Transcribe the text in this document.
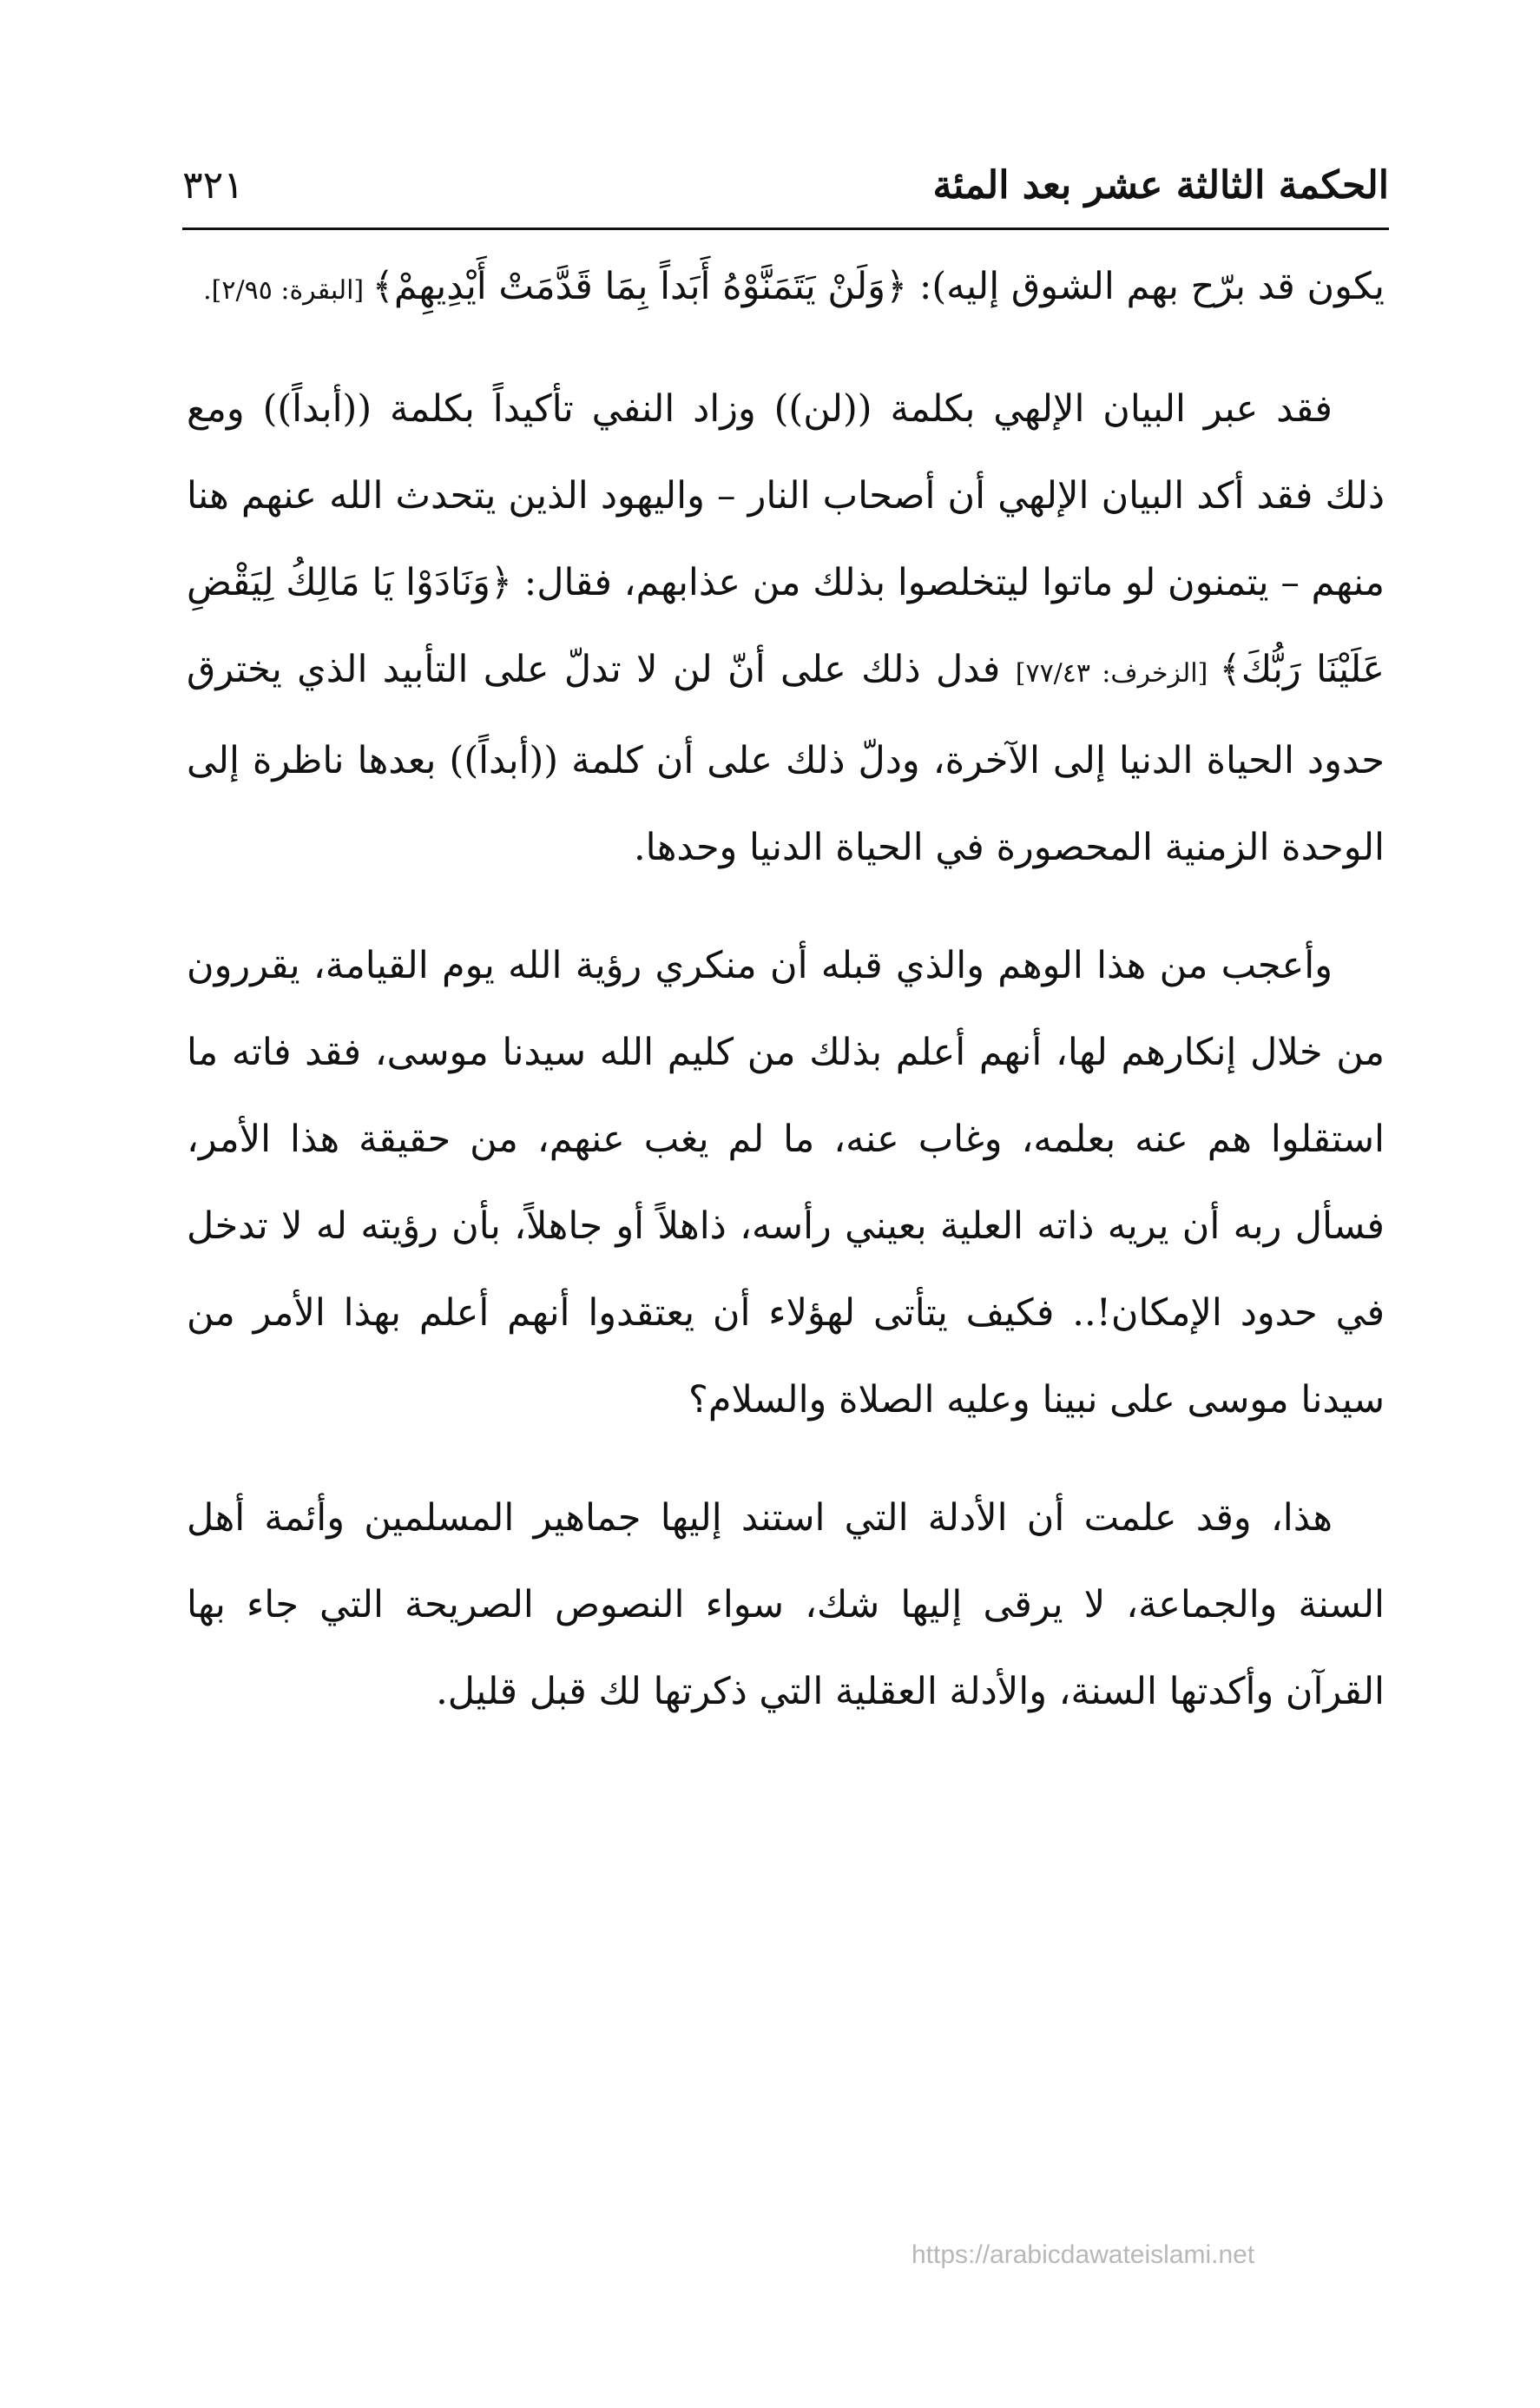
الحكمة الثالثة عشر بعد المئة
٣٢١

يكون قد برّح بهم الشوق إليه): ﴿وَلَنْ يَتَمَنَّوْهُ أَبَداً بِمَا قَدَّمَتْ أَيْدِيهِمْ﴾ [البقرة: ٢/٩٥].

فقد عبر البيان الإلهي بكلمة ((لن)) وزاد النفي تأكيداً بكلمة ((أبداً)) ومع ذلك فقد أكد البيان الإلهي أن أصحاب النار – واليهود الذين يتحدث الله عنهم هنا منهم – يتمنون لو ماتوا ليتخلصوا بذلك من عذابهم، فقال: ﴿وَنَادَوْا يَا مَالِكُ لِيَقْضِ عَلَيْنَا رَبُّكَ﴾ [الزخرف: ٧٧/٤٣] فدل ذلك على أنّ لن لا تدلّ على التأبيد الذي يخترق حدود الحياة الدنيا إلى الآخرة، ودلّ ذلك على أن كلمة ((أبداً)) بعدها ناظرة إلى الوحدة الزمنية المحصورة في الحياة الدنيا وحدها.

وأعجب من هذا الوهم والذي قبله أن منكري رؤية الله يوم القيامة، يقررون من خلال إنكارهم لها، أنهم أعلم بذلك من كليم الله سيدنا موسى، فقد فاته ما استقلوا هم عنه بعلمه، وغاب عنه، ما لم يغب عنهم، من حقيقة هذا الأمر، فسأل ربه أن يريه ذاته العلية بعيني رأسه، ذاهلاً أو جاهلاً، بأن رؤيته له لا تدخل في حدود الإمكان!.. فكيف يتأتى لهؤلاء أن يعتقدوا أنهم أعلم بهذا الأمر من سيدنا موسى على نبينا وعليه الصلاة والسلام؟

هذا، وقد علمت أن الأدلة التي استند إليها جماهير المسلمين وأئمة أهل السنة والجماعة، لا يرقى إليها شك، سواء النصوص الصريحة التي جاء بها القرآن وأكدتها السنة، والأدلة العقلية التي ذكرتها لك قبل قليل.

https://arabicdawateislami.net
